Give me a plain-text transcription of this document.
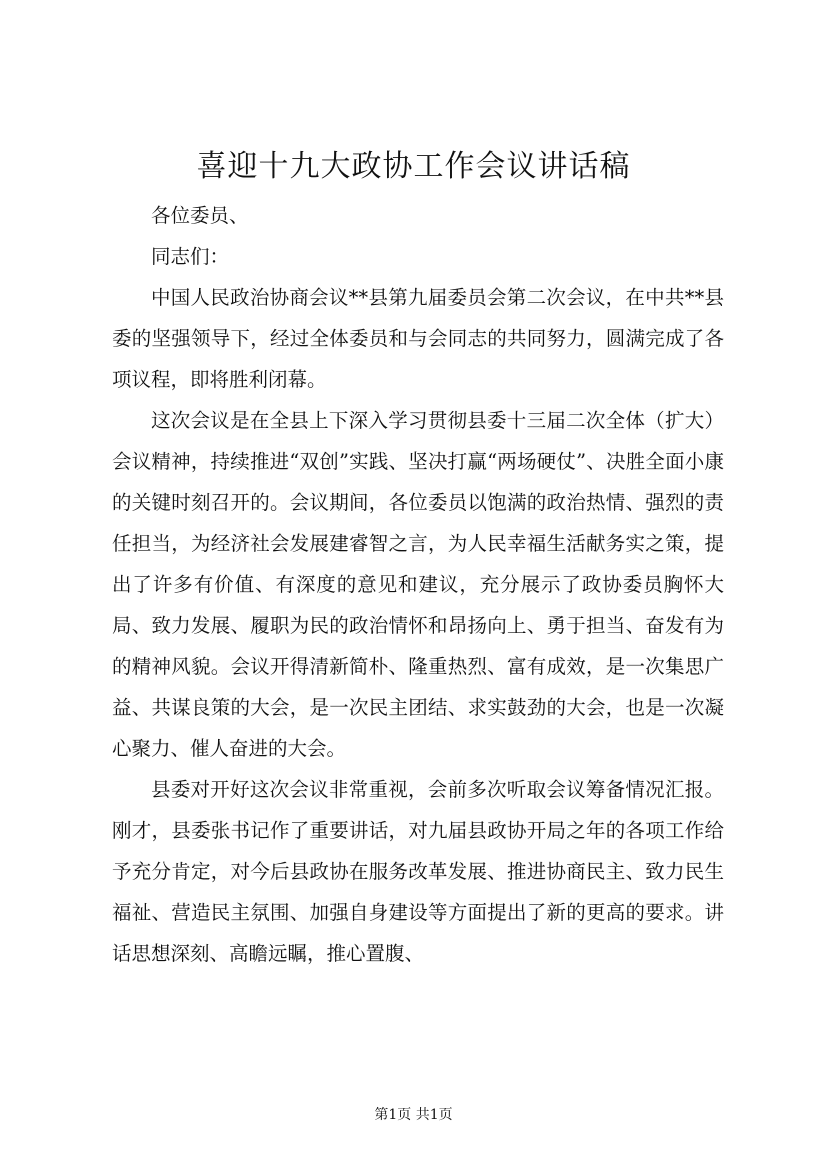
喜迎十九大政协工作会议讲话稿

各位委员、

同志们：

中国人民政治协商会议**县第九届委员会第二次会议，在中共**县委的坚强领导下，经过全体委员和与会同志的共同努力，圆满完成了各项议程，即将胜利闭幕。

这次会议是在全县上下深入学习贯彻县委十三届二次全体（扩大）会议精神，持续推进“双创”实践、坚决打赢“两场硬仗”、决胜全面小康的关键时刻召开的。会议期间，各位委员以饱满的政治热情、强烈的责任担当，为经济社会发展建睿智之言，为人民幸福生活献务实之策，提出了许多有价值、有深度的意见和建议，充分展示了政协委员胸怀大局、致力发展、履职为民的政治情怀和昂扬向上、勇于担当、奋发有为的精神风貌。会议开得清新简朴、隆重热烈、富有成效，是一次集思广益、共谋良策的大会，是一次民主团结、求实鼓劲的大会，也是一次凝心聚力、催人奋进的大会。

县委对开好这次会议非常重视，会前多次听取会议筹备情况汇报。刚才，县委张书记作了重要讲话，对九届县政协开局之年的各项工作给予充分肯定，对今后县政协在服务改革发展、推进协商民主、致力民生福祉、营造民主氛围、加强自身建设等方面提出了新的更高的要求。讲话思想深刻、高瞻远瞩，推心置腹、

第1页 共1页
